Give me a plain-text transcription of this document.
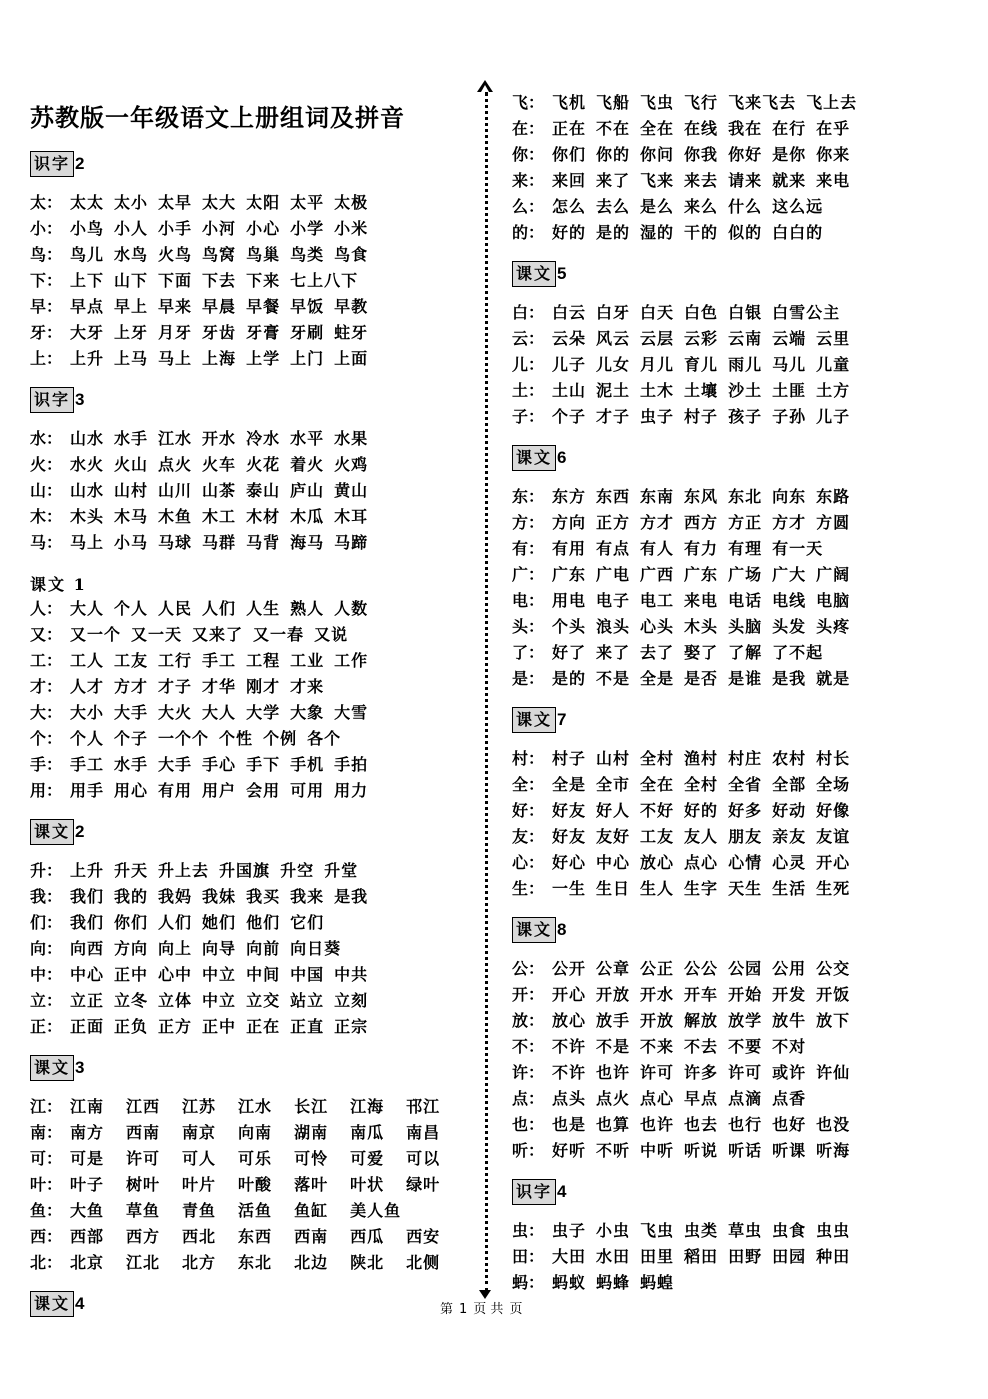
苏教版一年级语文上册组词及拼音
识字 2
太： 太太 太小 太早 太大 太阳 太平 太极
小： 小鸟 小人 小手 小河 小心 小学 小米
鸟： 鸟儿 水鸟 火鸟 鸟窝 鸟巢 鸟类 鸟食
下： 上下 山下 下面 下去 下来 七上八下
早： 早点 早上 早来 早晨 早餐 早饭 早教
牙： 大牙 上牙 月牙 牙齿 牙膏 牙刷 蛀牙
上： 上升 上马 马上 上海 上学 上门 上面
识字 3
水： 山水 水手 江水 开水 冷水 水平 水果
火： 水火 火山 点火 火车 火花 着火 火鸡
山： 山水 山村 山川 山茶 泰山 庐山 黄山
木： 木头 木马 木鱼 木工 木材 木瓜 木耳
马： 马上 小马 马球 马群 马背 海马 马蹄
课文 1
人： 大人 个人 人民 人们 人生 熟人 人数
又： 又一个 又一天 又来了 又一春 又说
工： 工人 工友 工行 手工 工程 工业 工作
才： 人才 方才 才子 才华 刚才 才来
大： 大小 大手 大火 大人 大学 大象 大雪
个： 个人 个子 一个个 个性 个例 各个
手： 手工 水手 大手 手心 手下 手机 手拍
用： 用手 用心 有用 用户 会用 可用 用力
课文 2
升： 上升 升天 升上去 升国旗 升空 升堂
我： 我们 我的 我妈 我妹 我买 我来 是我
们： 我们 你们 人们 她们 他们 它们
向： 向西 方向 向上 向导 向前 向日葵
中： 中心 正中 心中 中立 中间 中国 中共
立： 立正 立冬 立体 中立 立交 站立 立刻
正： 正面 正负 正方 正中 正在 正直 正宗
课文 3
江： 江南 江西 江苏 江水 长江 江海 邗江
南： 南方 西南 南京 向南 湖南 南瓜 南昌
可： 可是 许可 可人 可乐 可怜 可爱 可以
叶： 叶子 树叶 叶片 叶酸 落叶 叶状 绿叶
鱼： 大鱼 草鱼 青鱼 活鱼 鱼缸 美人鱼
西： 西部 西方 西北 东西 西南 西瓜 西安
北： 北京 江北 北方 东北 北边 陕北 北侧
课文 4
飞： 飞机 飞船 飞虫 飞行 飞来飞去 飞上去
在： 正在 不在 全在 在线 我在 在行 在乎
你： 你们 你的 你问 你我 你好 是你 你来
来： 来回 来了 飞来 来去 请来 就来 来电
么： 怎么 去么 是么 来么 什么 这么远
的： 好的 是的 湿的 干的 似的 白白的
课文 5
白： 白云 白牙 白天 白色 白银 白雪公主
云： 云朵 风云 云层 云彩 云南 云端 云里
儿： 儿子 儿女 月儿 育儿 雨儿 马儿 儿童
土： 土山 泥土 土木 土壤 沙土 土匪 土方
子： 个子 才子 虫子 村子 孩子 子孙 儿子
课文 6
东： 东方 东西 东南 东风 东北 向东 东路
方： 方向 正方 方才 西方 方正 方才 方圆
有： 有用 有点 有人 有力 有理 有一天
广： 广东 广电 广西 广东 广场 广大 广阔
电： 用电 电子 电工 来电 电话 电线 电脑
头： 个头 浪头 心头 木头 头脑 头发 头疼
了： 好了 来了 去了 娶了 了解 了不起
是： 是的 不是 全是 是否 是谁 是我 就是
课文 7
村： 村子 山村 全村 渔村 村庄 农村 村长
全： 全是 全市 全在 全村 全省 全部 全场
好： 好友 好人 不好 好的 好多 好动 好像
友： 好友 友好 工友 友人 朋友 亲友 友谊
心： 好心 中心 放心 点心 心情 心灵 开心
生： 一生 生日 生人 生字 天生 生活 生死
课文 8
公： 公开 公章 公正 公公 公园 公用 公交
开： 开心 开放 开水 开车 开始 开发 开饭
放： 放心 放手 开放 解放 放学 放牛 放下
不： 不许 不是 不来 不去 不要 不对
许： 不许 也许 许可 许多 许可 或许 许仙
点： 点头 点火 点心 早点 点滴 点香
也： 也是 也算 也许 也去 也行 也好 也没
听： 好听 不听 中听 听说 听话 听课 听海
识字 4
虫： 虫子 小虫 飞虫 虫类 草虫 虫食 虫虫
田： 大田 水田 田里 稻田 田野 田园 种田
蚂： 蚂蚁 蚂蜂 蚂蝗
第 1 页 共 页
